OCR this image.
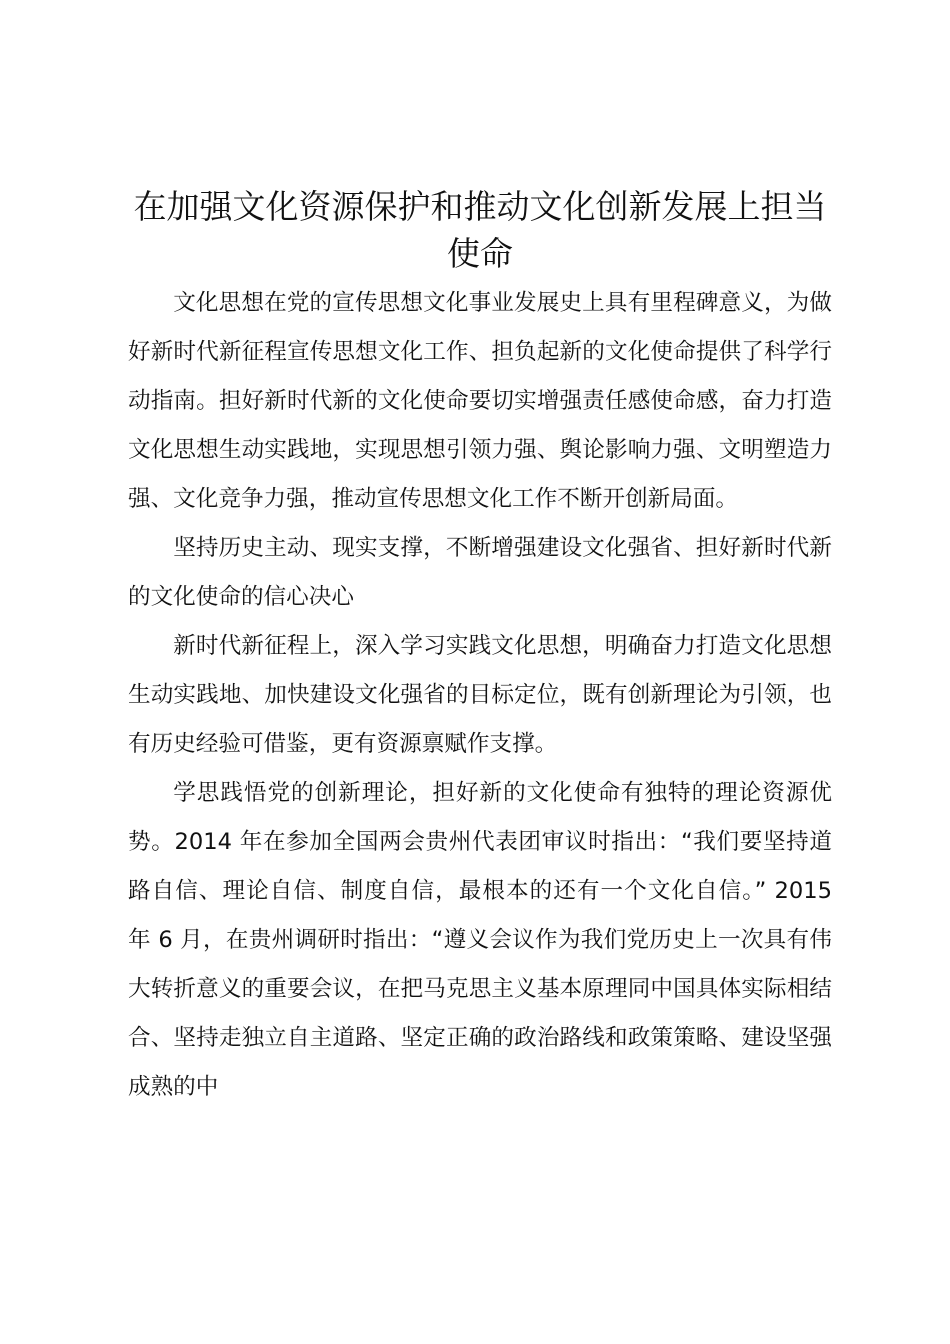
在加强文化资源保护和推动文化创新发展上担当使命

文化思想在党的宣传思想文化事业发展史上具有里程碑意义，为做好新时代新征程宣传思想文化工作、担负起新的文化使命提供了科学行动指南。担好新时代新的文化使命要切实增强责任感使命感，奋力打造文化思想生动实践地，实现思想引领力强、舆论影响力强、文明塑造力强、文化竞争力强，推动宣传思想文化工作不断开创新局面。

坚持历史主动、现实支撑，不断增强建设文化强省、担好新时代新的文化使命的信心决心

新时代新征程上，深入学习实践文化思想，明确奋力打造文化思想生动实践地、加快建设文化强省的目标定位，既有创新理论为引领，也有历史经验可借鉴，更有资源禀赋作支撑。

学思践悟党的创新理论，担好新的文化使命有独特的理论资源优势。2014 年在参加全国两会贵州代表团审议时指出：“我们要坚持道路自信、理论自信、制度自信，最根本的还有一个文化自信。” 2015 年 6 月，在贵州调研时指出：“遵义会议作为我们党历史上一次具有伟大转折意义的重要会议，在把马克思主义基本原理同中国具体实际相结合、坚持走独立自主道路、坚定正确的政治路线和政策策略、建设坚强成熟的中
